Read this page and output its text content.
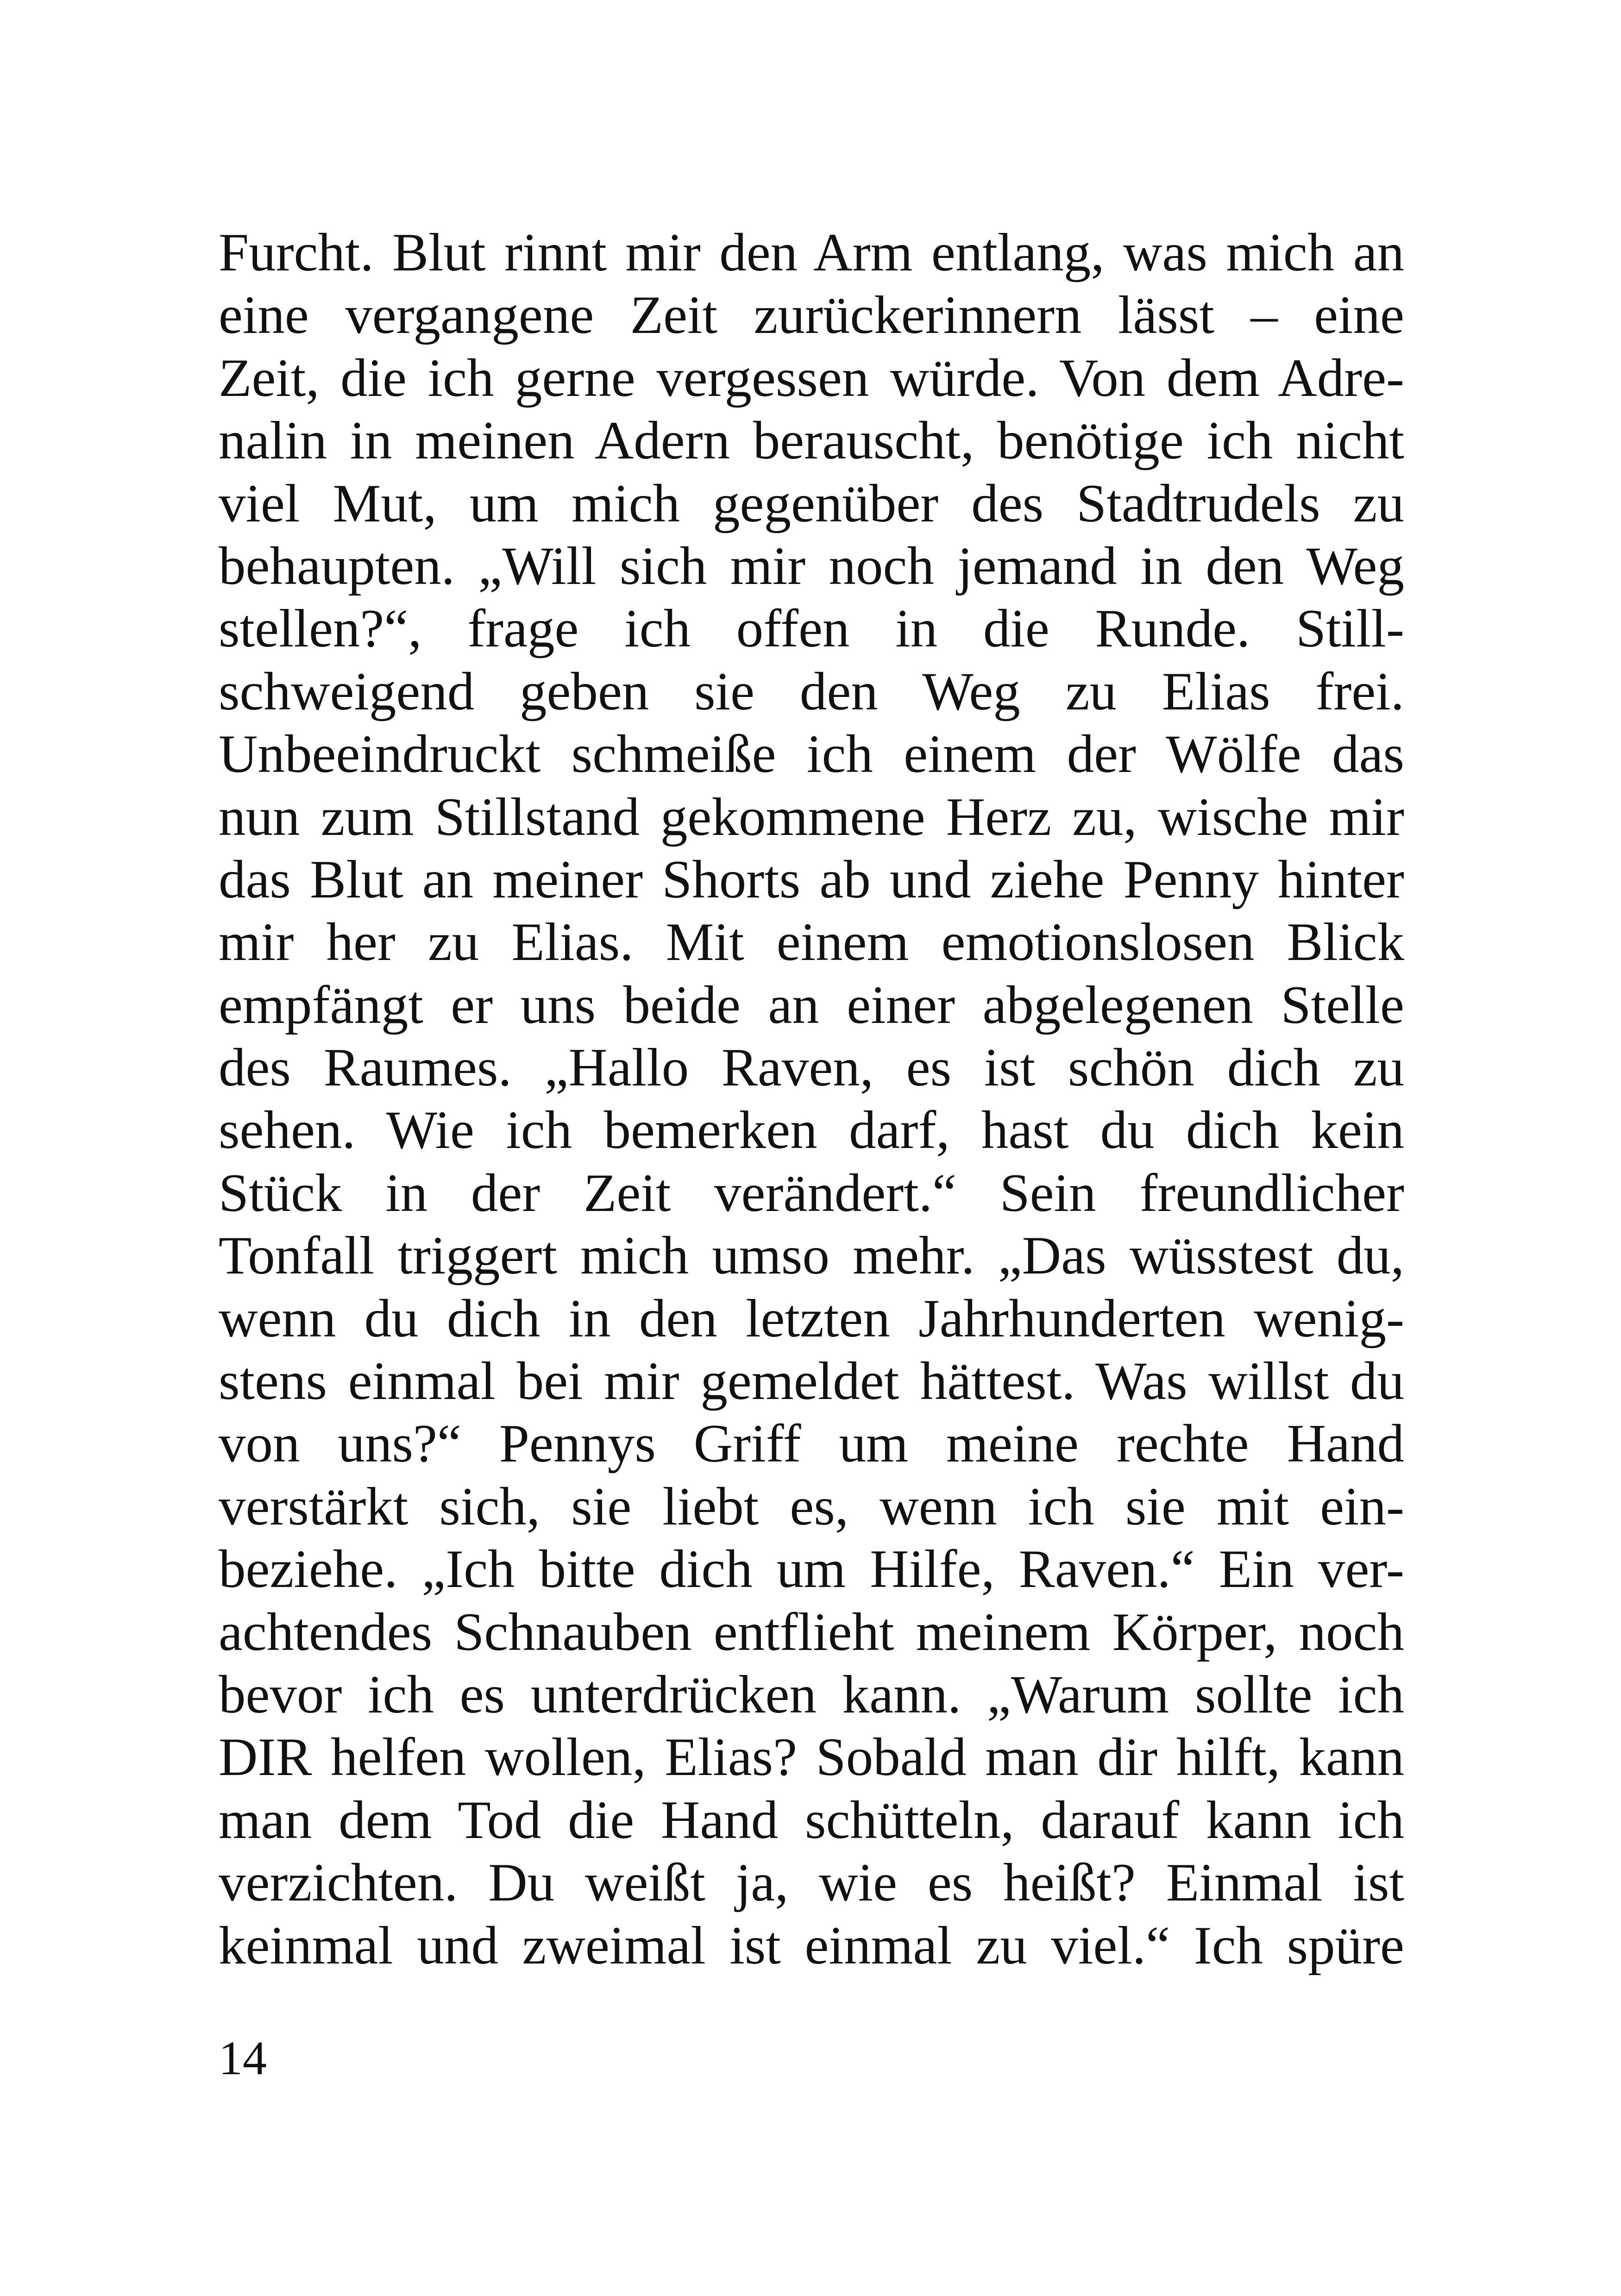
Furcht. Blut rinnt mir den Arm entlang, was mich an
eine vergangene Zeit zurückerinnern lässt – eine
Zeit, die ich gerne vergessen würde. Von dem Adre-
nalin in meinen Adern berauscht, benötige ich nicht
viel Mut, um mich gegenüber des Stadtrudels zu
behaupten. „Will sich mir noch jemand in den Weg
stellen?“, frage ich offen in die Runde. Still-
schweigend geben sie den Weg zu Elias frei.
Unbeeindruckt schmeiße ich einem der Wölfe das
nun zum Stillstand gekommene Herz zu, wische mir
das Blut an meiner Shorts ab und ziehe Penny hinter
mir her zu Elias. Mit einem emotionslosen Blick
empfängt er uns beide an einer abgelegenen Stelle
des Raumes. „Hallo Raven, es ist schön dich zu
sehen. Wie ich bemerken darf, hast du dich kein
Stück in der Zeit verändert.“ Sein freundlicher
Tonfall triggert mich umso mehr. „Das wüsstest du,
wenn du dich in den letzten Jahrhunderten wenig-
stens einmal bei mir gemeldet hättest. Was willst du
von uns?“ Pennys Griff um meine rechte Hand
verstärkt sich, sie liebt es, wenn ich sie mit ein-
beziehe. „Ich bitte dich um Hilfe, Raven.“ Ein ver-
achtendes Schnauben entflieht meinem Körper, noch
bevor ich es unterdrücken kann. „Warum sollte ich
DIR helfen wollen, Elias? Sobald man dir hilft, kann
man dem Tod die Hand schütteln, darauf kann ich
verzichten. Du weißt ja, wie es heißt? Einmal ist
keinmal und zweimal ist einmal zu viel.“ Ich spüre
14
